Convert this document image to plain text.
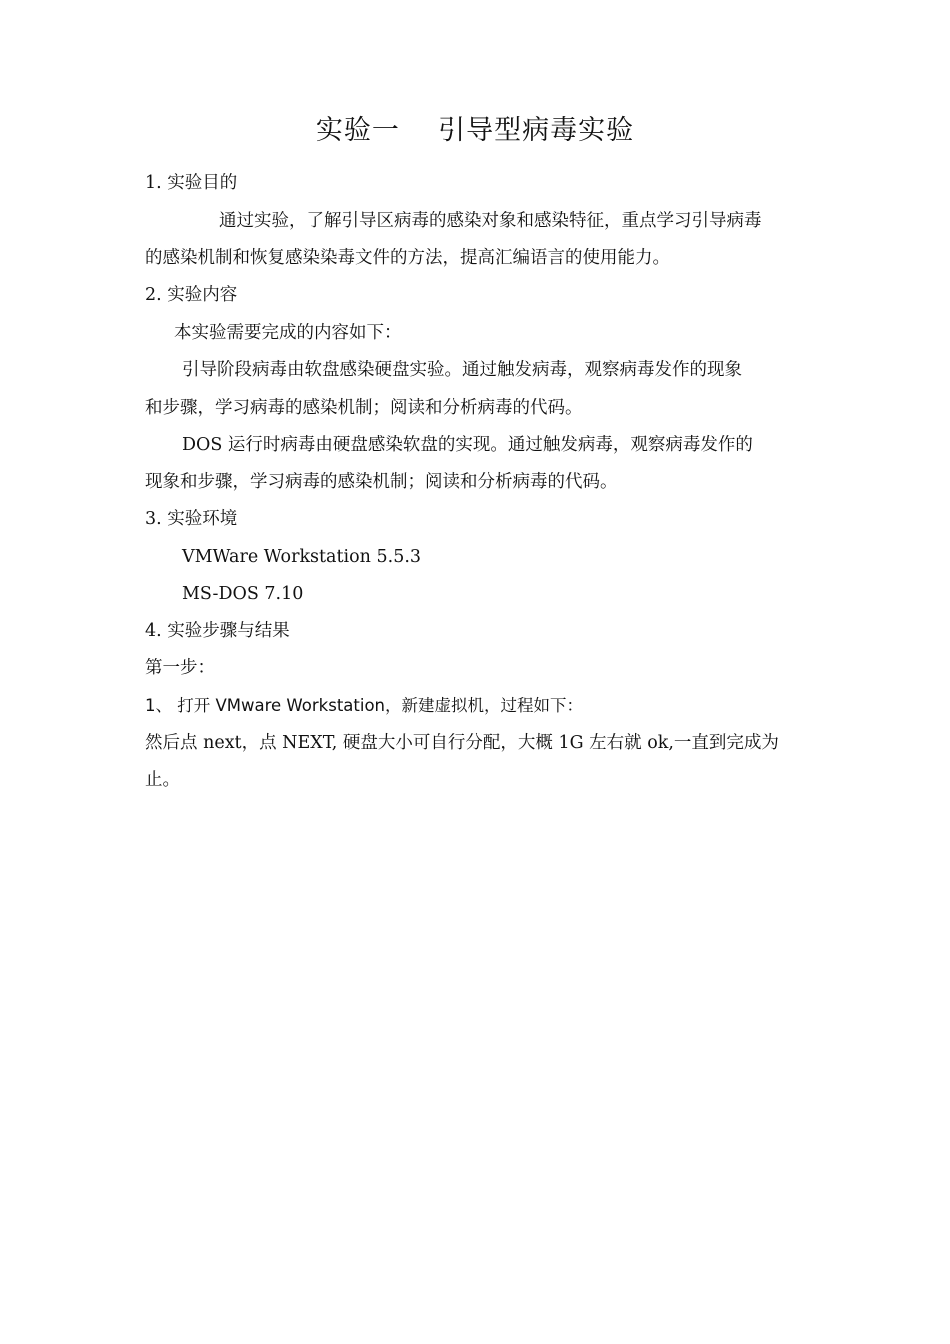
实验一    引导型病毒实验
1. 实验目的
通过实验，了解引导区病毒的感染对象和感染特征，重点学习引导病毒
的感染机制和恢复感染染毒文件的方法，提高汇编语言的使用能力。
2. 实验内容
本实验需要完成的内容如下：
引导阶段病毒由软盘感染硬盘实验。通过触发病毒，观察病毒发作的现象
和步骤，学习病毒的感染机制；阅读和分析病毒的代码。
DOS 运行时病毒由硬盘感染软盘的实现。通过触发病毒，观察病毒发作的
现象和步骤，学习病毒的感染机制；阅读和分析病毒的代码。
3. 实验环境
VMWare Workstation 5.5.3
MS-DOS 7.10
4. 实验步骤与结果
第一步：
1、 打开 VMware Workstation，新建虚拟机，过程如下：
然后点 next，点 NEXT, 硬盘大小可自行分配，大概 1G 左右就 ok,一直到完成为
止。
